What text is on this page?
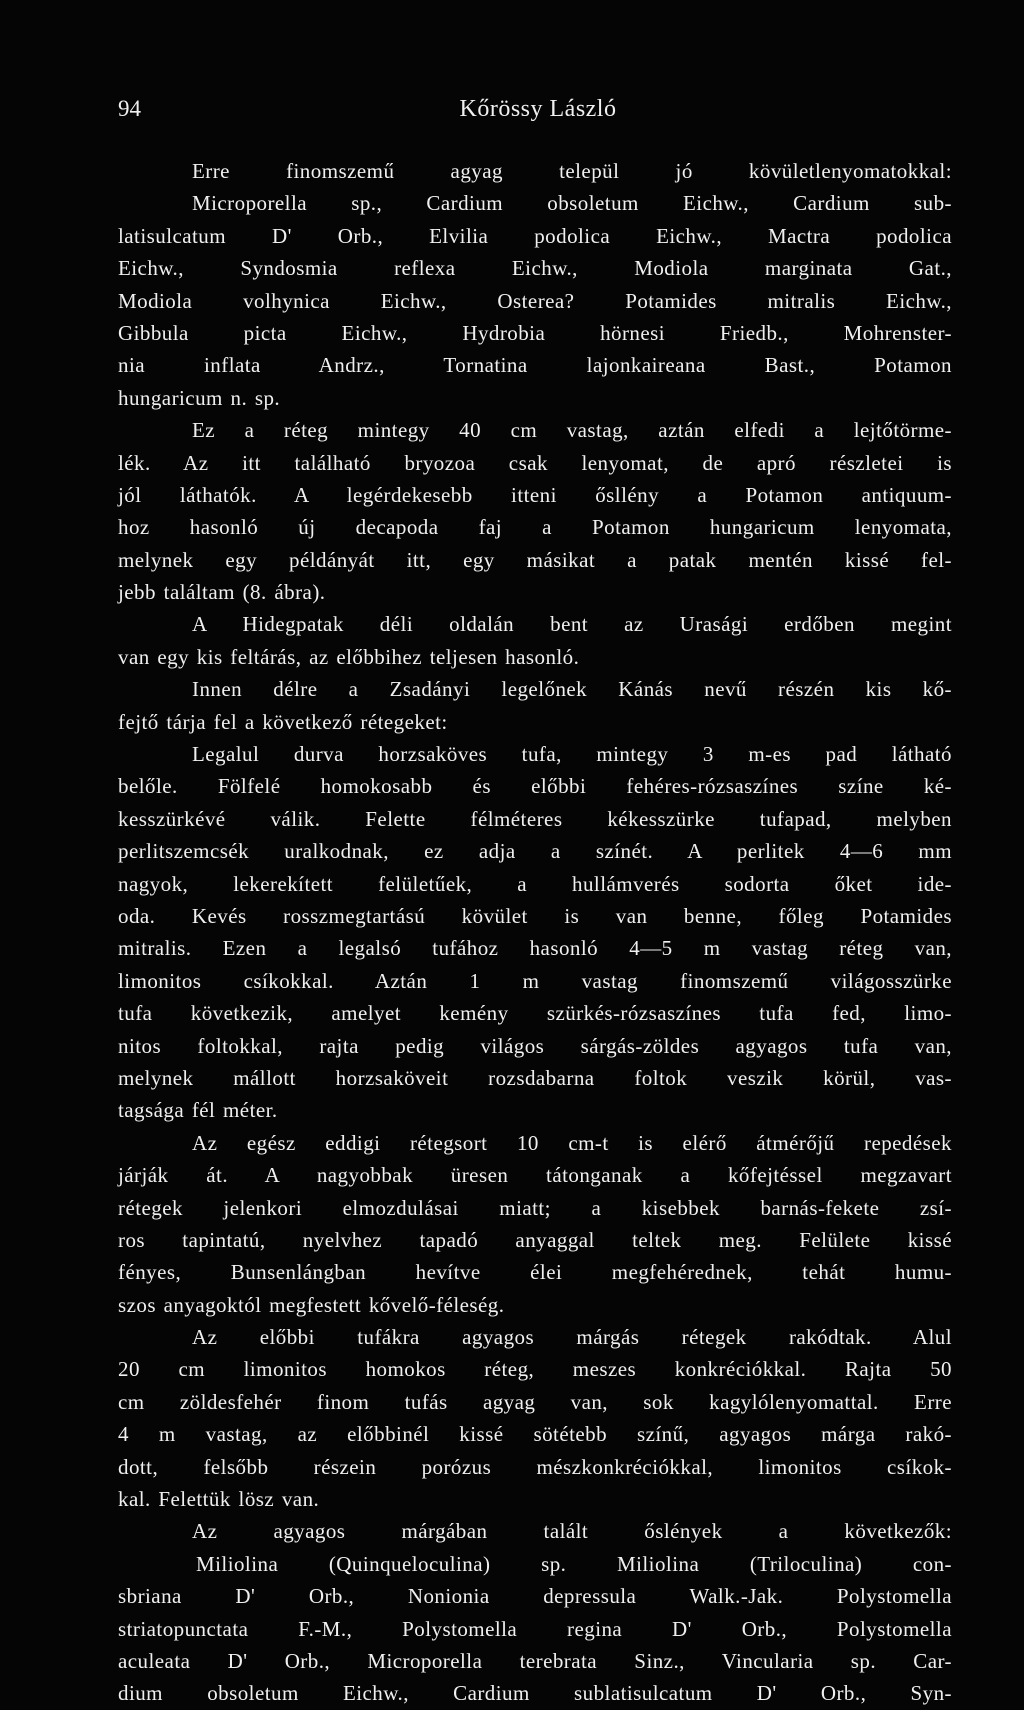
94	Kőrössy László
Erre finomszemű agyag települ jó kövületlenyomatokkal:
Microporella sp., Cardium obsoletum Eichw., Cardium sub-
latisulcatum D' Orb., Elvilia podolica Eichw., Mactra podolica
Eichw., Syndosmia reflexa Eichw., Modiola marginata Gat.,
Modiola volhynica Eichw., Osterea? Potamides mitralis Eichw.,
Gibbula picta Eichw., Hydrobia hörnesi Friedb., Mohrenster-
nia inflata Andrz., Tornatina lajonkaireana Bast., Potamon
hungaricum n. sp.
Ez a réteg mintegy 40 cm vastag, aztán elfedi a lejtőtörme-
lék. Az itt található bryozoa csak lenyomat, de apró részletei is
jól láthatók. A legérdekesebb itteni ősllény a Potamon antiquum-
hoz hasonló új decapoda faj a Potamon hungaricum lenyomata,
melynek egy példányát itt, egy másikat a patak mentén kissé fel-
jebb találtam (8. ábra).
A Hidegpatak déli oldalán bent az Urasági erdőben megint
van egy kis feltárás, az előbbihez teljesen hasonló.
Innen délre a Zsadányi legelőnek Kánás nevű részén kis kő-
fejtő tárja fel a következő rétegeket:
Legalul durva horzsaköves tufa, mintegy 3 m-es pad látható
belőle. Fölfelé homokosabb és előbbi fehéres-rózsaszínes színe ké-
kesszürkévé válik. Felette félméteres kékesszürke tufapad, melyben
perlitszemcsék uralkodnak, ez adja a színét. A perlitek 4—6 mm
nagyok, lekerekített felületűek, a hullámverés sodorta őket ide-
oda. Kevés rosszmegtartású kövület is van benne, főleg Potamides
mitralis. Ezen a legalsó tufához hasonló 4—5 m vastag réteg van,
limonitos csíkokkal. Aztán 1 m vastag finomszemű világosszürke
tufa következik, amelyet kemény szürkés-rózsaszínes tufa fed, limo-
nitos foltokkal, rajta pedig világos sárgás-zöldes agyagos tufa van,
melynek mállott horzsaköveit rozsdabarna foltok veszik körül, vas-
tagsága fél méter.
Az egész eddigi rétegsort 10 cm-t is elérő átmérőjű repedések
járják át. A nagyobbak üresen tátonganak a kőfejtéssel megzavart
rétegek jelenkori elmozdulásai miatt; a kisebbek barnás-fekete zsí-
ros tapintatú, nyelvhez tapadó anyaggal teltek meg. Felülete kissé
fényes, Bunsenlángban hevítve élei megfehérednek, tehát humu-
szos anyagoktól megfestett kővelő-féleség.
Az előbbi tufákra agyagos márgás rétegek rakódtak. Alul
20 cm limonitos homokos réteg, meszes konkréciókkal. Rajta 50
cm zöldesfehér finom tufás agyag van, sok kagylólenyomattal. Erre
4 m vastag, az előbbinél kissé sötétebb színű, agyagos márga rakó-
dott, felsőbb részein porózus mészkonkréciókkal, limonitos csíkok-
kal. Felettük lösz van.
Az agyagos márgában talált őslények a következők:
Miliolina (Quinqueloculina) sp. Miliolina (Triloculina) con-
sbriana D' Orb., Nonionia depressula Walk.-Jak. Polystomella
striatopunctata F.-M., Polystomella regina D' Orb., Polystomella
aculeata D' Orb., Microporella terebrata Sinz., Vincularia sp. Car-
dium obsoletum Eichw., Cardium sublatisulcatum D' Orb., Syn-
